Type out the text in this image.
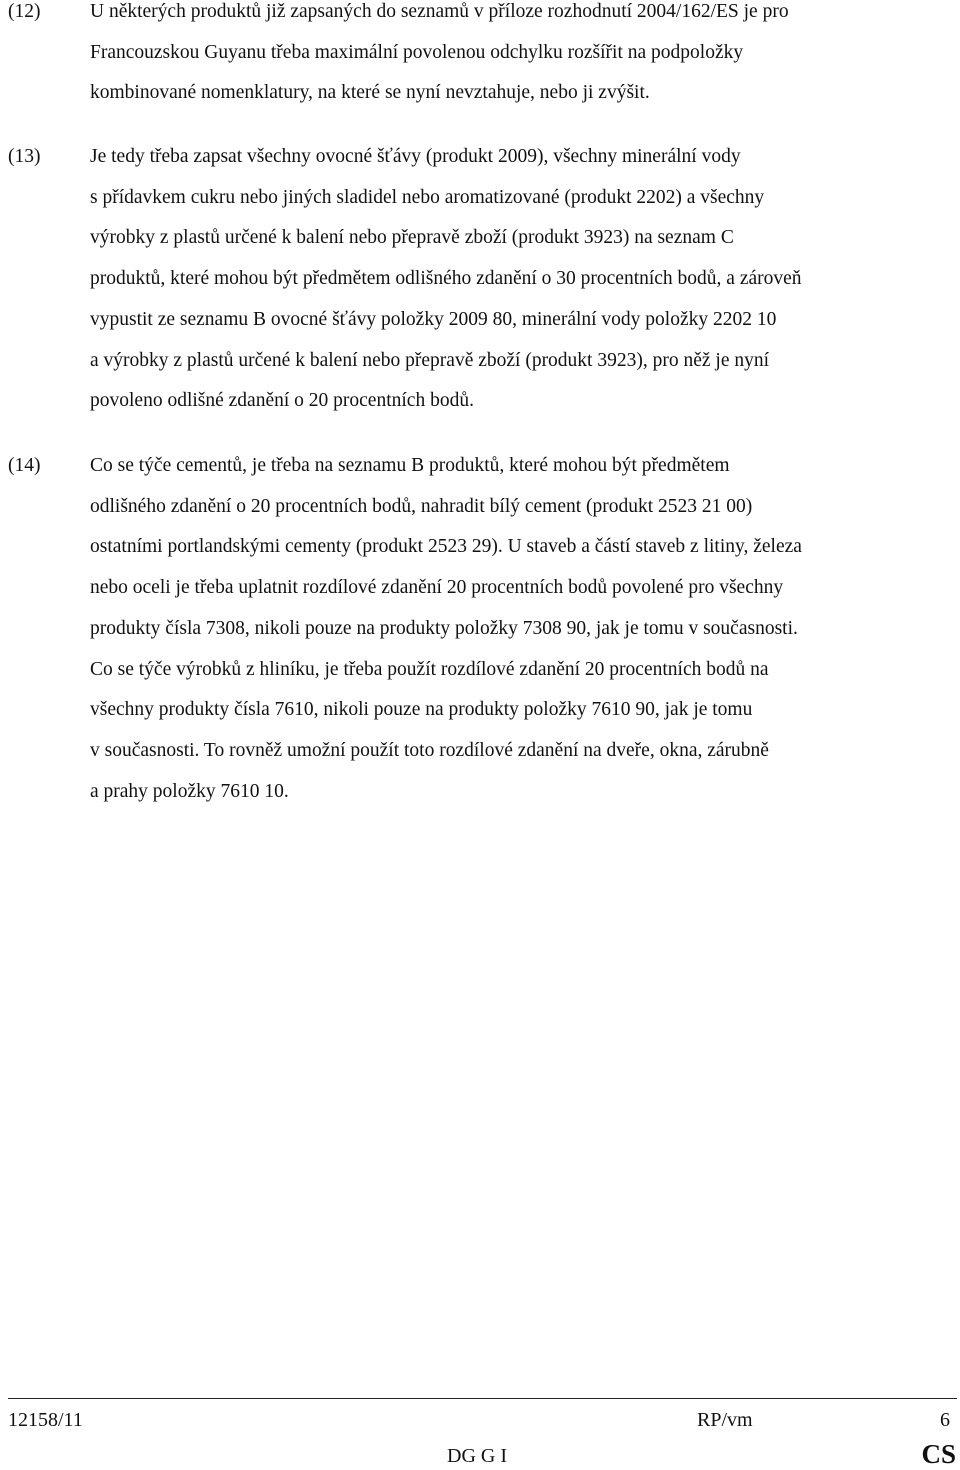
(12)	U některých produktů již zapsaných do seznamů v příloze rozhodnutí 2004/162/ES je pro
Francouzskou Guyanu třeba maximální povolenou odchylku rozšířit na podpoložky
kombinované nomenklatury, na které se nyní nevztahuje, nebo ji zvýšit.
(13)	Je tedy třeba zapsat všechny ovocné šťávy (produkt 2009), všechny minerální vody
s přídavkem cukru nebo jiných sladidel nebo aromatizované (produkt 2202) a všechny
výrobky z plastů určené k balení nebo přepravě zboží (produkt 3923) na seznam C
produktů, které mohou být předmětem odlišného zdanění o 30 procentních bodů, a zároveň
vypustit ze seznamu B ovocné šťávy položky 2009 80, minerální vody položky 2202 10
a výrobky z plastů určené k balení nebo přepravě zboží (produkt 3923), pro něž je nyní
povoleno odlišné zdanění o 20 procentních bodů.
(14)	Co se týče cementů, je třeba na seznamu B produktů, které mohou být předmětem
odlišného zdanění o 20 procentních bodů, nahradit bílý cement (produkt 2523 21 00)
ostatními portlandskými cementy (produkt 2523 29). U staveb a částí staveb z litiny, železa
nebo oceli je třeba uplatnit rozdílové zdanění 20 procentních bodů povolené pro všechny
produkty čísla 7308, nikoli pouze na produkty položky 7308 90, jak je tomu v současnosti.
Co se týče výrobků z hliníku, je třeba použít rozdílové zdanění 20 procentních bodů na
všechny produkty čísla 7610, nikoli pouze na produkty položky 7610 90, jak je tomu
v současnosti. To rovněž umožní použít toto rozdílové zdanění na dveře, okna, zárubně
a prahy položky 7610 10.
12158/11	RP/vm	6
DG G I	CS
